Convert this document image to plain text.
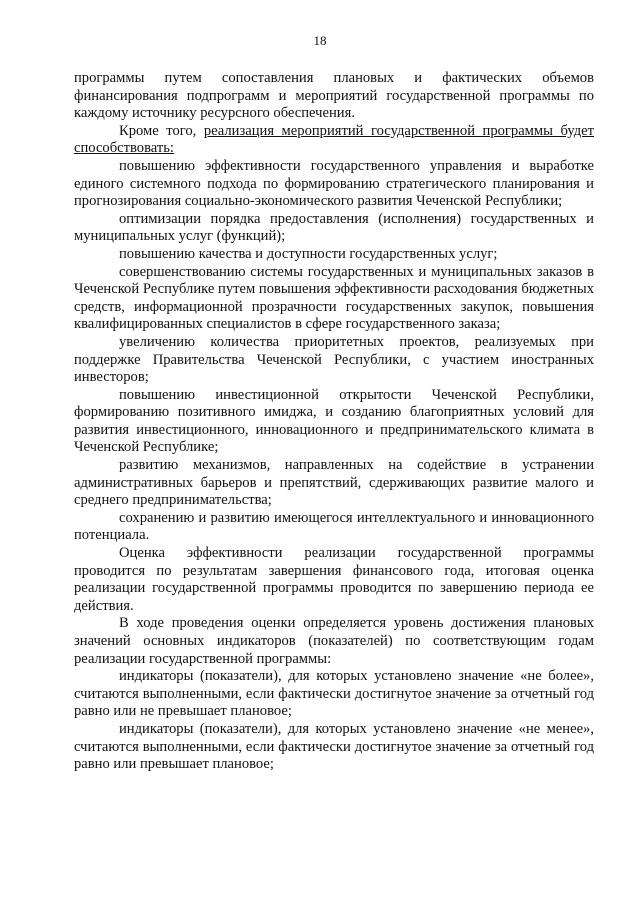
18

программы путем сопоставления плановых и фактических объемов финансирования подпрограмм и мероприятий государственной программы по каждому источнику ресурсного обеспечения.

Кроме того, реализация мероприятий государственной программы будет способствовать:

повышению эффективности государственного управления и выработке единого системного подхода по формированию стратегического планирования и прогнозирования социально-экономического развития Чеченской Республики;

оптимизации порядка предоставления (исполнения) государственных и муниципальных услуг (функций);

повышению качества и доступности государственных услуг;

совершенствованию системы государственных и муниципальных заказов в Чеченской Республике путем повышения эффективности расходования бюджетных средств, информационной прозрачности государственных закупок, повышения квалифицированных специалистов в сфере государственного заказа;

увеличению количества приоритетных проектов, реализуемых при поддержке Правительства Чеченской Республики, с участием иностранных инвесторов;

повышению инвестиционной открытости Чеченской Республики, формированию позитивного имиджа, и созданию благоприятных условий для развития инвестиционного, инновационного и предпринимательского климата в Чеченской Республике;

развитию механизмов, направленных на содействие в устранении административных барьеров и препятствий, сдерживающих развитие малого и среднего предпринимательства;

сохранению и развитию имеющегося интеллектуального и инновационного потенциала.

Оценка эффективности реализации государственной программы проводится по результатам завершения финансового года, итоговая оценка реализации государственной программы проводится по завершению периода ее действия.

В ходе проведения оценки определяется уровень достижения плановых значений основных индикаторов (показателей) по соответствующим годам реализации государственной программы:

индикаторы (показатели), для которых установлено значение «не более», считаются выполненными, если фактически достигнутое значение за отчетный год равно или не превышает плановое;

индикаторы (показатели), для которых установлено значение «не менее», считаются выполненными, если фактически достигнутое значение за отчетный год равно или превышает плановое;
